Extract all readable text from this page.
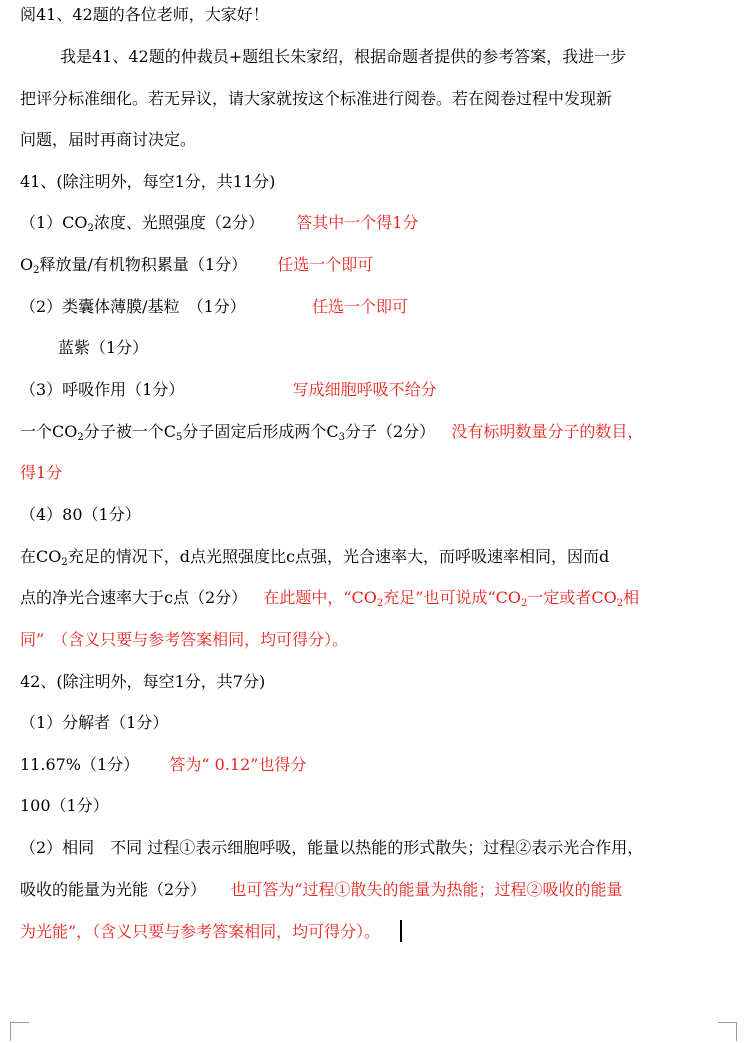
阅41、42题的各位老师，大家好！
我是41、42题的仲裁员+题组长朱家绍，根据命题者提供的参考答案，我进一步
把评分标准细化。若无异议，请大家就按这个标准进行阅卷。若在阅卷过程中发现新
问题，届时再商讨决定。
41、(除注明外，每空1分，共11分)
$(1)CO_2$浓度、光照强度（2分） 答其中一个得1分
$O_2$释放量/有机物积累量（1分） 任选一个即可
（2）类囊体薄膜/基粒　（1分）	任选一个即可
蓝紫（1分）
（3）呼吸作用（1分）	写成细胞呼吸不给分
一个$CO_2$分子被一个$C_5$分子固定后形成两个$C_3$分子（2分） 没有标明数量分子的数目，
得1分
（4）80（1分）
在$CO_2$充足的情况下，d点光照强度比c点强，光合速率大，而呼吸速率相同，因而d
点的净光合速率大于c点（2分） 在此题中，“$CO_2$充足”也可说成“$CO_2$一定或者$CO_2$相
同”　（含义只要与参考答案相同，均可得分）。
42、(除注明外，每空1分，共7分)
（1）分解者（1分）
11.67%（1分） 答为“ 0.12”也得分
100（1分）
（2）相同　不同 过程①表示细胞呼吸，能量以热能的形式散失；过程②表示光合作用，
吸收的能量为光能（2分） 也可答为“过程①散失的能量为热能；过程②吸收的能量
为光能”，（含义只要与参考答案相同，均可得分）。
